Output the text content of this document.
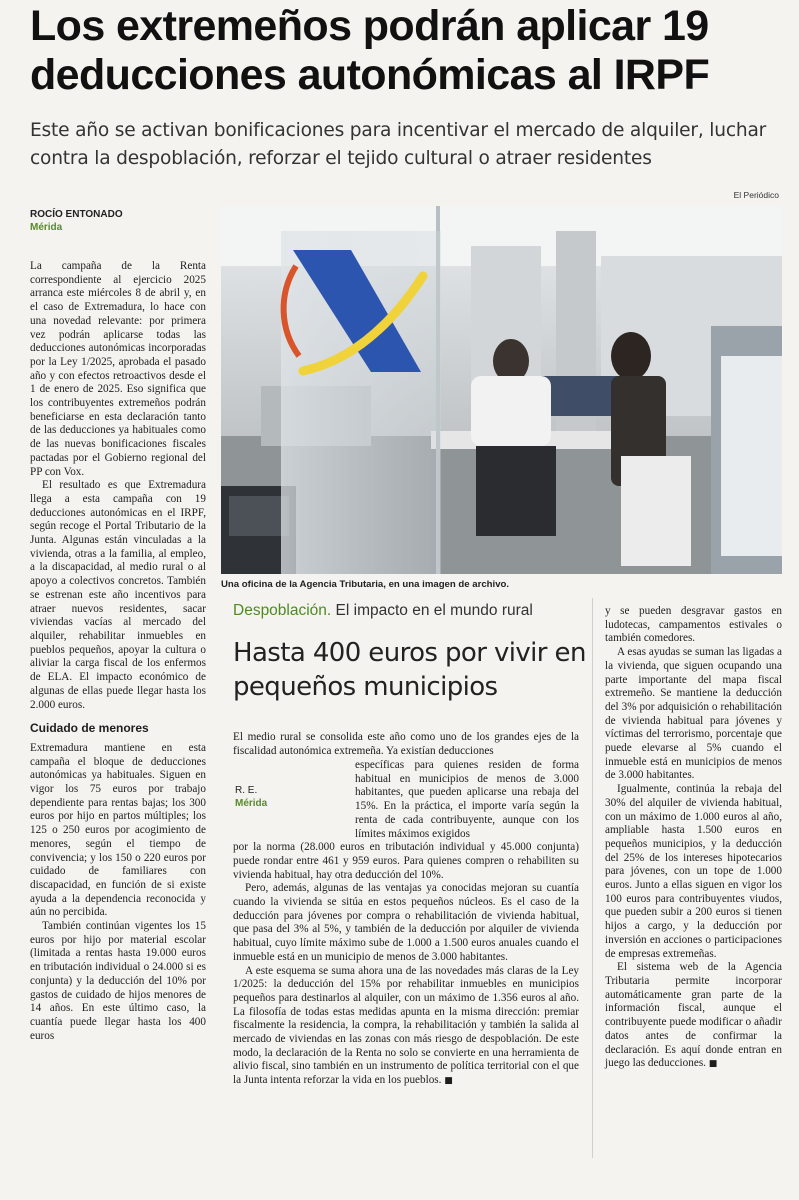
Los extremeños podrán aplicar 19 deducciones autonómicas al IRPF
Este año se activan bonificaciones para incentivar el mercado de alquiler, luchar contra la despoblación, reforzar el tejido cultural o atraer residentes
El Periódico
ROCÍO ENTONADO
Mérida

La campaña de la Renta correspondiente al ejercicio 2025 arranca este miércoles 8 de abril y, en el caso de Extremadura, lo hace con una novedad relevante: por primera vez podrán aplicarse todas las deducciones autonómicas incorporadas por la Ley 1/2025, aprobada el pasado año y con efectos retroactivos desde el 1 de enero de 2025. Eso significa que los contribuyentes extremeños podrán beneficiarse en esta declaración tanto de las deducciones ya habituales como de las nuevas bonificaciones fiscales pactadas por el Gobierno regional del PP con Vox.

El resultado es que Extremadura llega a esta campaña con 19 deducciones autonómicas en el IRPF, según recoge el Portal Tributario de la Junta. Algunas están vinculadas a la vivienda, otras a la familia, al empleo, a la discapacidad, al medio rural o al apoyo a colectivos concretos. También se estrenan este año incentivos para atraer nuevos residentes, sacar viviendas vacías al mercado del alquiler, rehabilitar inmuebles en pueblos pequeños, apoyar la cultura o aliviar la carga fiscal de los enfermos de ELA. El impacto económico de algunas de ellas puede llegar hasta los 2.000 euros.

Cuidado de menores

Extremadura mantiene en esta campaña el bloque de deducciones autonómicas ya habituales. Siguen en vigor los 75 euros por trabajo dependiente para rentas bajas; los 300 euros por hijo en partos múltiples; los 125 o 250 euros por acogimiento de menores, según el tiempo de convivencia; y los 150 o 220 euros por cuidado de familiares con discapacidad, en función de si existe ayuda a la dependencia reconocida y aún no percibida.

También continúan vigentes los 15 euros por hijo por material escolar (limitada a rentas hasta 19.000 euros en tributación individual o 24.000 si es conjunta) y la deducción del 10% por gastos de cuidado de hijos menores de 14 años. En este último caso, la cuantía puede llegar hasta los 400 euros

Una oficina de la Agencia Tributaria, en una imagen de archivo.
Despoblación. El impacto en el mundo rural
Hasta 400 euros por vivir en pequeños municipios
El medio rural se consolida este año como uno de los grandes ejes de la fiscalidad autonómica extremeña. Ya existían deducciones
R. E.
Mérida

específicas para quienes residen de forma habitual en municipios de menos de 3.000 habitantes, que pueden aplicarse una rebaja del 15%. En la práctica, el importe varía según la renta de cada contribuyente, aunque con los límites máximos exigidos

por la norma (28.000 euros en tributación individual y 45.000 conjunta) puede rondar entre 461 y 959 euros. Para quienes compren o rehabiliten su vivienda habitual, hay otra deducción del 10%.

Pero, además, algunas de las ventajas ya conocidas mejoran su cuantía cuando la vivienda se sitúa en estos pequeños núcleos. Es el caso de la deducción para jóvenes por compra o rehabilitación de vivienda habitual, que pasa del 3% al 5%, y también de la deducción por alquiler de vivienda habitual, cuyo límite máximo sube de 1.000 a 1.500 euros anuales cuando el inmueble está en un municipio de menos de 3.000 habitantes.

A este esquema se suma ahora una de las novedades más claras de la Ley 1/2025: la deducción del 15% por rehabilitar inmuebles en municipios pequeños para destinarlos al alquiler, con un máximo de 1.356 euros al año. La filosofía de todas estas medidas apunta en la misma dirección: premiar fiscalmente la residencia, la compra, la rehabilitación y también la salida al mercado de viviendas en las zonas con más riesgo de despoblación. De este modo, la declaración de la Renta no solo se convierte en una herramienta de alivio fiscal, sino también en un instrumento de política territorial con el que la Junta intenta reforzar la vida en los pueblos. ■

y se pueden desgravar gastos en ludotecas, campamentos estivales o también comedores.

A esas ayudas se suman las ligadas a la vivienda, que siguen ocupando una parte importante del mapa fiscal extremeño. Se mantiene la deducción del 3% por adquisición o rehabilitación de vivienda habitual para jóvenes y víctimas del terrorismo, porcentaje que puede elevarse al 5% cuando el inmueble está en municipios de menos de 3.000 habitantes.

Igualmente, continúa la rebaja del 30% del alquiler de vivienda habitual, con un máximo de 1.000 euros al año, ampliable hasta 1.500 euros en pequeños municipios, y la deducción del 25% de los intereses hipotecarios para jóvenes, con un tope de 1.000 euros. Junto a ellas siguen en vigor los 100 euros para contribuyentes viudos, que pueden subir a 200 euros si tienen hijos a cargo, y la deducción por inversión en acciones o participaciones de empresas extremeñas.

El sistema web de la Agencia Tributaria permite incorporar automáticamente gran parte de la información fiscal, aunque el contribuyente puede modificar o añadir datos antes de confirmar la declaración. Es aquí donde entran en juego las deducciones. ■
